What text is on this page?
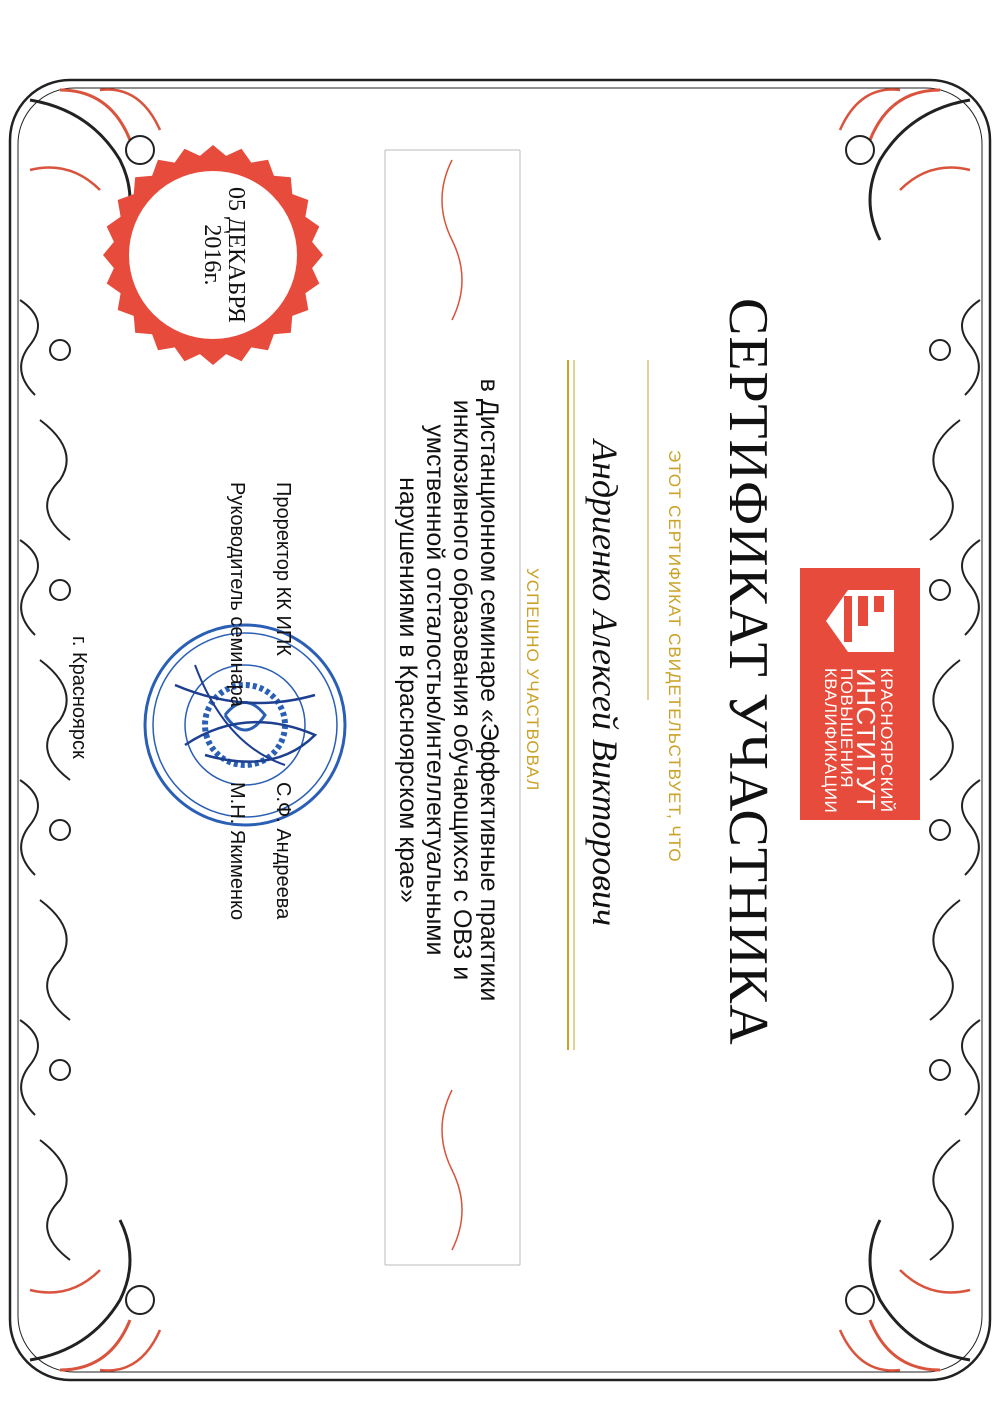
05 ДЕКАБРЯ
2016г.
КРАСНОЯРСКИЙ
ИНСТИТУТ
ПОВЫШЕНИЯ
КВАЛИФИКАЦИИ
СЕРТИФИКАТ УЧАСТНИКА
ЭТОТ СЕРТИФИКАТ СВИДЕТЕЛЬСТВУЕТ, ЧТО
Андриенко Алексей Викторович
УСПЕШНО УЧАСТВОВАЛ
в Дистанционном семинаре «Эффективные практики
инклюзивного образования обучающихся с ОВЗ и
умственной отсталостью/интеллектуальными
нарушениями в Красноярском крае»
Проректор КК ИПК
С.Ф. Андреева
Руководитель семинара
М.Н. Якименко
г. Красноярск
